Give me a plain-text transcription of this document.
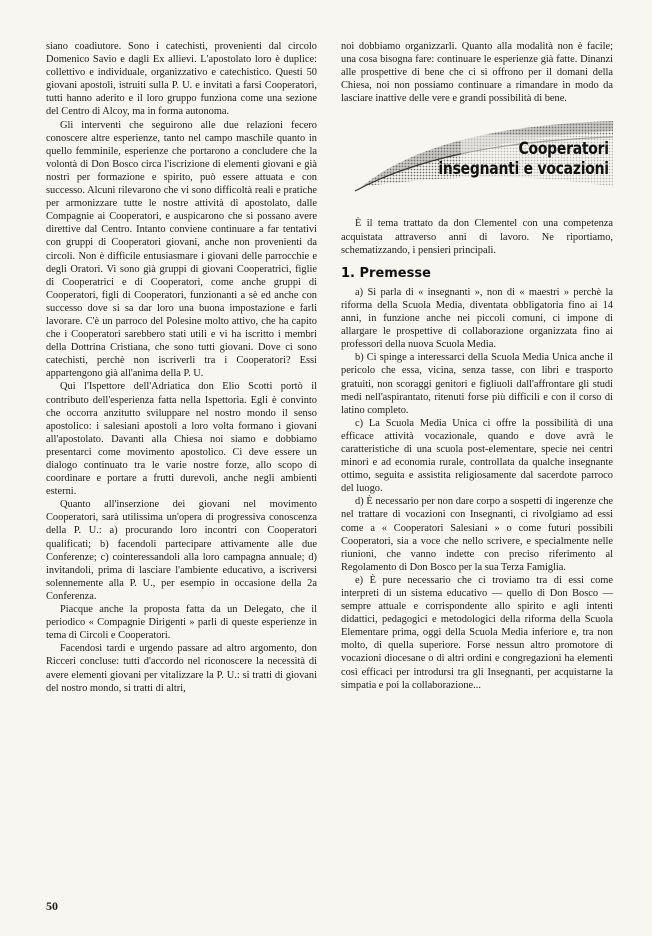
siano coadiutore. Sono i catechisti, provenienti dal circolo Domenico Savio e dagli Ex allievi. L'apostolato loro è duplice: collettivo e individuale, organizzativo e catechistico. Questi 50 giovani apostoli, istruiti sulla P. U. e invitati a farsi Cooperatori, tutti hanno aderito e il loro gruppo funziona come una sezione del Centro di Alcoy, ma in forma autonoma.

Gli interventi che seguirono alle due relazioni fecero conoscere altre esperienze, tanto nel campo maschile quanto in quello femminile, esperienze che portarono a concludere che la volontà di Don Bosco circa l'iscrizione di elementi giovani e già nostri per formazione e spirito, può essere attuata e con successo. Alcuni rilevarono che vi sono difficoltà reali e pratiche per armonizzare tutte le nostre attività di apostolato, dalle Compagnie ai Cooperatori, e auspicarono che si possano avere direttive dal Centro. Intanto conviene continuare a far tentativi con gruppi di Cooperatori giovani, anche non provenienti da circoli. Non è difficile entusiasmare i giovani delle parrocchie e degli Oratori. Vi sono già gruppi di giovani Cooperatrici, figlie di Cooperatrici e di Cooperatori, come anche gruppi di Cooperatori, figli di Cooperatori, funzionanti a sè ed anche con successo dove si sa dar loro una buona impostazione e farli lavorare. C'è un parroco del Polesine molto attivo, che ha capito che i Cooperatori sarebbero stati utili e vi ha iscritto i membri della Dottrina Cristiana, che sono tutti giovani. Dove ci sono catechisti, perchè non iscriverli tra i Cooperatori? Essi appartengono già all'anima della P. U.

Qui l'Ispettore dell'Adriatica don Elio Scotti portò il contributo dell'esperienza fatta nella Ispettoria. Egli è convinto che occorra anzitutto sviluppare nel nostro mondo il senso apostolico: i salesiani apostoli a loro volta formano i giovani all'apostolato. Davanti alla Chiesa noi siamo e dobbiamo presentarci come movimento apostolico. Ci deve essere un dialogo continuato tra le varie nostre forze, allo scopo di coordinare e portare a frutti durevoli, anche negli ambienti esterni.

Quanto all'inserzione dei giovani nel movimento Cooperatori, sarà utilissima un'opera di progressiva conoscenza della P. U.: a) procurando loro incontri con Cooperatori qualificati; b) facendoli partecipare attivamente alle due Conferenze; c) cointeressandoli alla loro campagna annuale; d) invitandoli, prima di lasciare l'ambiente educativo, a iscriversi solennemente alla P. U., per esempio in occasione della 2a Conferenza.

Piacque anche la proposta fatta da un Delegato, che il periodico « Compagnie Dirigenti » parli di queste esperienze in tema di Circoli e Cooperatori.

Facendosi tardi e urgendo passare ad altro argomento, don Ricceri concluse: tutti d'accordo nel riconoscere la necessità di avere elementi giovani per vitalizzare la P. U.: si tratti di giovani del nostro mondo, si tratti di altri,

noi dobbiamo organizzarli. Quanto alla modalità non è facile; una cosa bisogna fare: continuare le esperienze già fatte. Dinanzi alle prospettive di bene che ci si offrono per il domani della Chiesa, noi non possiamo continuare a rimandare in modo da lasciare inattive delle vere e grandi possibilità di bene.

Cooperatori
insegnanti e vocazioni

È il tema trattato da don Clementel con una competenza acquistata attraverso anni di lavoro. Ne riportiamo, schematizzando, i pensieri principali.

1. Premesse

a) Si parla di « insegnanti », non di « maestri » perchè la riforma della Scuola Media, diventata obbligatoria fino ai 14 anni, in funzione anche nei piccoli comuni, ci impone di allargare le prospettive di collaborazione organizzata fino ai professori della nuova Scuola Media.

b) Ci spinge a interessarci della Scuola Media Unica anche il pericolo che essa, vicina, senza tasse, con libri e trasporto gratuiti, non scoraggi genitori e figliuoli dall'affrontare gli studi medi nell'aspirantato, ritenuti forse più difficili e con il corso di latino completo.

c) La Scuola Media Unica ci offre la possibilità di una efficace attività vocazionale, quando e dove avrà le caratteristiche di una scuola post-elementare, specie nei centri minori e ad economia rurale, controllata da qualche insegnante ottimo, seguita e assistita religiosamente dal sacerdote parroco del luogo.

d) È necessario per non dare corpo a sospetti di ingerenze che nel trattare di vocazioni con Insegnanti, ci rivolgiamo ad essi come a « Cooperatori Salesiani » o come futuri possibili Cooperatori, sia a voce che nello scrivere, e specialmente nelle riunioni, che vanno indette con preciso riferimento al Regolamento di Don Bosco per la sua Terza Famiglia.

e) È pure necessario che ci troviamo tra di essi come interpreti di un sistema educativo — quello di Don Bosco — sempre attuale e corrispondente allo spirito e agli intenti didattici, pedagogici e metodologici della riforma della Scuola Elementare prima, oggi della Scuola Media inferiore e, tra non molto, di quella superiore. Forse nessun altro promotore di vocazioni diocesane o di altri ordini e congregazioni ha elementi così efficaci per introdursi tra gli Insegnanti, per acquistarne la simpatia e poi la collaborazione...

50
